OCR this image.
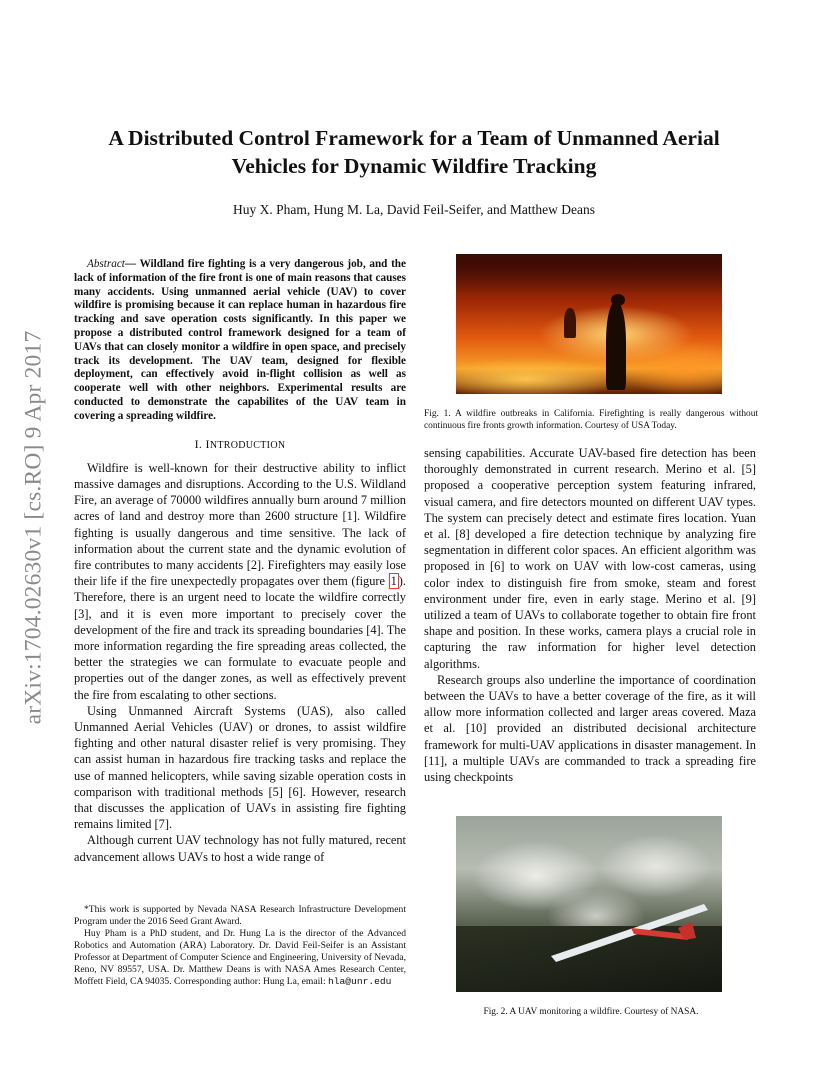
arXiv:1704.02630v1 [cs.RO] 9 Apr 2017
A Distributed Control Framework for a Team of Unmanned Aerial
Vehicles for Dynamic Wildfire Tracking
Huy X. Pham, Hung M. La, David Feil-Seifer, and Matthew Deans

Abstract— Wildland fire fighting is a very dangerous job, and the lack of information of the fire front is one of main reasons that causes many accidents. Using unmanned aerial vehicle (UAV) to cover wildfire is promising because it can replace human in hazardous fire tracking and save operation costs significantly. In this paper we propose a distributed control framework designed for a team of UAVs that can closely monitor a wildfire in open space, and precisely track its development. The UAV team, designed for flexible deployment, can effectively avoid in-flight collision as well as cooperate well with other neighbors. Experimental results are conducted to demonstrate the capabilites of the UAV team in covering a spreading wildfire.

I. INTRODUCTION

Wildfire is well-known for their destructive ability to inflict massive damages and disruptions. According to the U.S. Wildland Fire, an average of 70000 wildfires annually burn around 7 million acres of land and destroy more than 2600 structure [1]. Wildfire fighting is usually dangerous and time sensitive. The lack of information about the current state and the dynamic evolution of fire contributes to many accidents [2]. Firefighters may easily lose their life if the fire unexpectedly propagates over them (figure 1 ). Therefore, there is an urgent need to locate the wildfire correctly [3], and it is even more important to precisely cover the development of the fire and track its spreading boundaries [4]. The more information regarding the fire spreading areas collected, the better the strategies we can formulate to evacuate people and properties out of the danger zones, as well as effectively prevent the fire from escalating to other sections.

Using Unmanned Aircraft Systems (UAS), also called Unmanned Aerial Vehicles (UAV) or drones, to assist wildfire fighting and other natural disaster relief is very promising. They can assist human in hazardous fire tracking tasks and replace the use of manned helicopters, while saving sizable operation costs in comparison with traditional methods [5] [6]. However, research that discusses the application of UAVs in assisting fire fighting remains limited [7].

Although current UAV technology has not fully matured, recent advancement allows UAVs to host a wide range of

*This work is supported by Nevada NASA Research Infrastructure Development Program under the 2016 Seed Grant Award.

Huy Pham is a PhD student, and Dr. Hung La is the director of the Advanced Robotics and Automation (ARA) Laboratory. Dr. David Feil-Seifer is an Assistant Professor at Department of Computer Science and Engineering, University of Nevada, Reno, NV 89557, USA. Dr. Matthew Deans is with NASA Ames Research Center, Moffett Field, CA 94035. Corresponding author: Hung La, email: hla@unr.edu

Fig. 1. A wildfire outbreaks in California. Firefighting is really dangerous without continuous fire fronts growth information. Courtesy of USA Today.

sensing capabilities. Accurate UAV-based fire detection has been thoroughly demonstrated in current research. Merino et al. [5] proposed a cooperative perception system featuring infrared, visual camera, and fire detectors mounted on different UAV types. The system can precisely detect and estimate fires location. Yuan et al. [8] developed a fire detection technique by analyzing fire segmentation in different color spaces. An efficient algorithm was proposed in [6] to work on UAV with low-cost cameras, using color index to distinguish fire from smoke, steam and forest environment under fire, even in early stage. Merino et al. [9] utilized a team of UAVs to collaborate together to obtain fire front shape and position. In these works, camera plays a crucial role in capturing the raw information for higher level detection algorithms.

Research groups also underline the importance of coordination between the UAVs to have a better coverage of the fire, as it will allow more information collected and larger areas covered. Maza et al. [10] provided an distributed decisional architecture framework for multi-UAV applications in disaster management. In [11], a multiple UAVs are commanded to track a spreading fire using checkpoints

Fig. 2. A UAV monitoring a wildfire. Courtesy of NASA.
